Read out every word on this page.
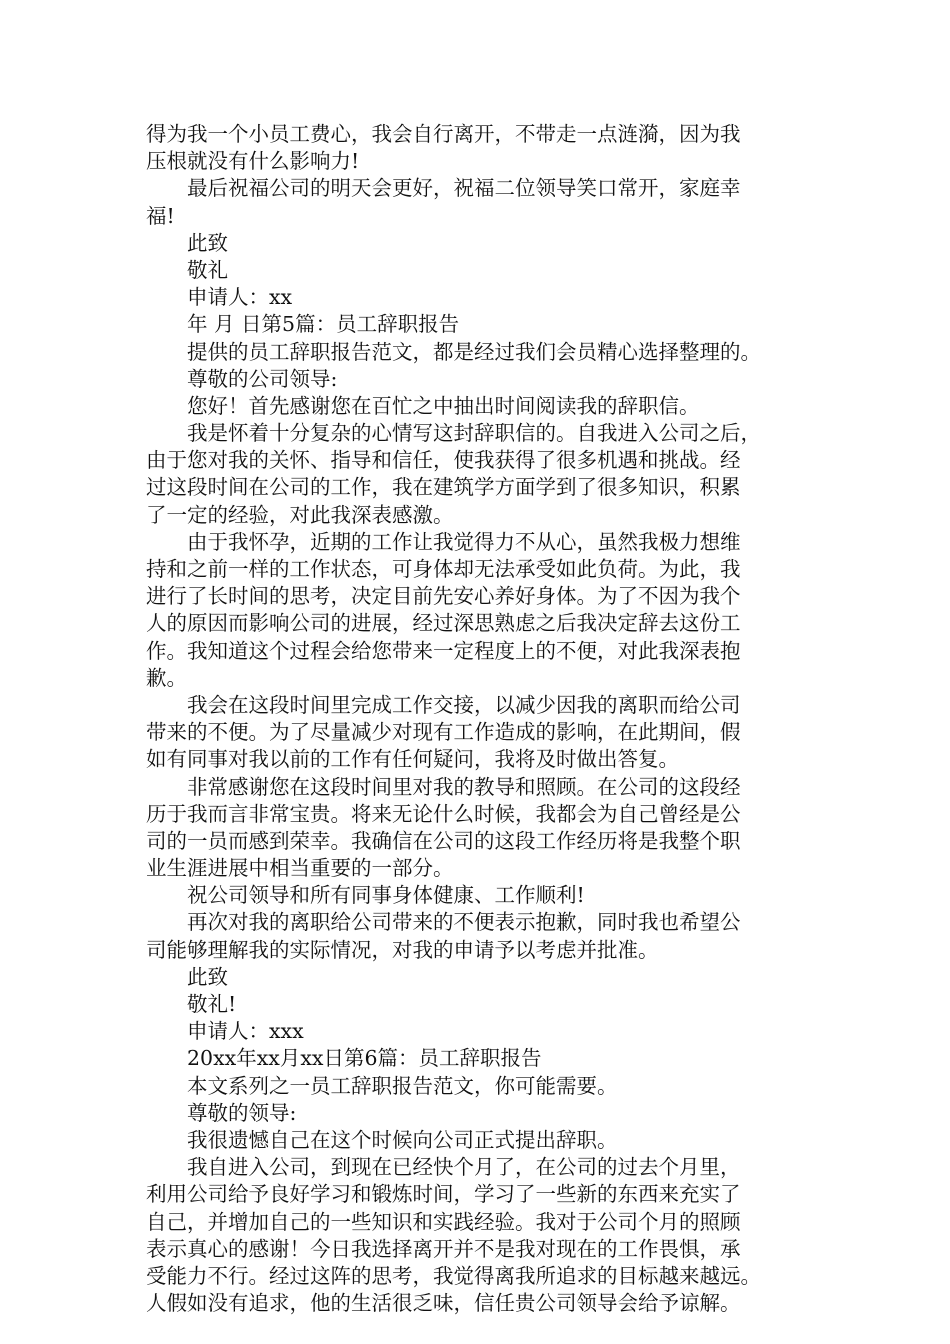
得为我一个小员工费心，我会自行离开，不带走一点涟漪，因为我
压根就没有什么影响力!
最后祝福公司的明天会更好，祝福二位领导笑口常开，家庭幸
福!
此致
敬礼
申请人：xx
年 月 日第5篇：员工辞职报告
提供的员工辞职报告范文，都是经过我们会员精心选择整理的。
尊敬的公司领导:
您好！首先感谢您在百忙之中抽出时间阅读我的辞职信。
我是怀着十分复杂的心情写这封辞职信的。自我进入公司之后，
由于您对我的关怀、指导和信任，使我获得了很多机遇和挑战。经
过这段时间在公司的工作，我在建筑学方面学到了很多知识，积累
了一定的经验，对此我深表感激。
由于我怀孕，近期的工作让我觉得力不从心，虽然我极力想维
持和之前一样的工作状态，可身体却无法承受如此负荷。为此，我
进行了长时间的思考，决定目前先安心养好身体。为了不因为我个
人的原因而影响公司的进展，经过深思熟虑之后我决定辞去这份工
作。我知道这个过程会给您带来一定程度上的不便，对此我深表抱
歉。
我会在这段时间里完成工作交接，以减少因我的离职而给公司
带来的不便。为了尽量减少对现有工作造成的影响，在此期间，假
如有同事对我以前的工作有任何疑问，我将及时做出答复。
非常感谢您在这段时间里对我的教导和照顾。在公司的这段经
历于我而言非常宝贵。将来无论什么时候，我都会为自己曾经是公
司的一员而感到荣幸。我确信在公司的这段工作经历将是我整个职
业生涯进展中相当重要的一部分。
祝公司领导和所有同事身体健康、工作顺利!
再次对我的离职给公司带来的不便表示抱歉，同时我也希望公
司能够理解我的实际情况，对我的申请予以考虑并批准。
此致
敬礼!
申请人：xxx
20xx年xx月xx日第6篇：员工辞职报告
本文系列之一员工辞职报告范文，你可能需要。
尊敬的领导:
我很遗憾自己在这个时候向公司正式提出辞职。
我自进入公司，到现在已经快个月了，在公司的过去个月里，
利用公司给予良好学习和锻炼时间，学习了一些新的东西来充实了
自己，并增加自己的一些知识和实践经验。我对于公司个月的照顾
表示真心的感谢！今日我选择离开并不是我对现在的工作畏惧，承
受能力不行。经过这阵的思考，我觉得离我所追求的目标越来越远。
人假如没有追求，他的生活很乏味，信任贵公司领导会给予谅解。
